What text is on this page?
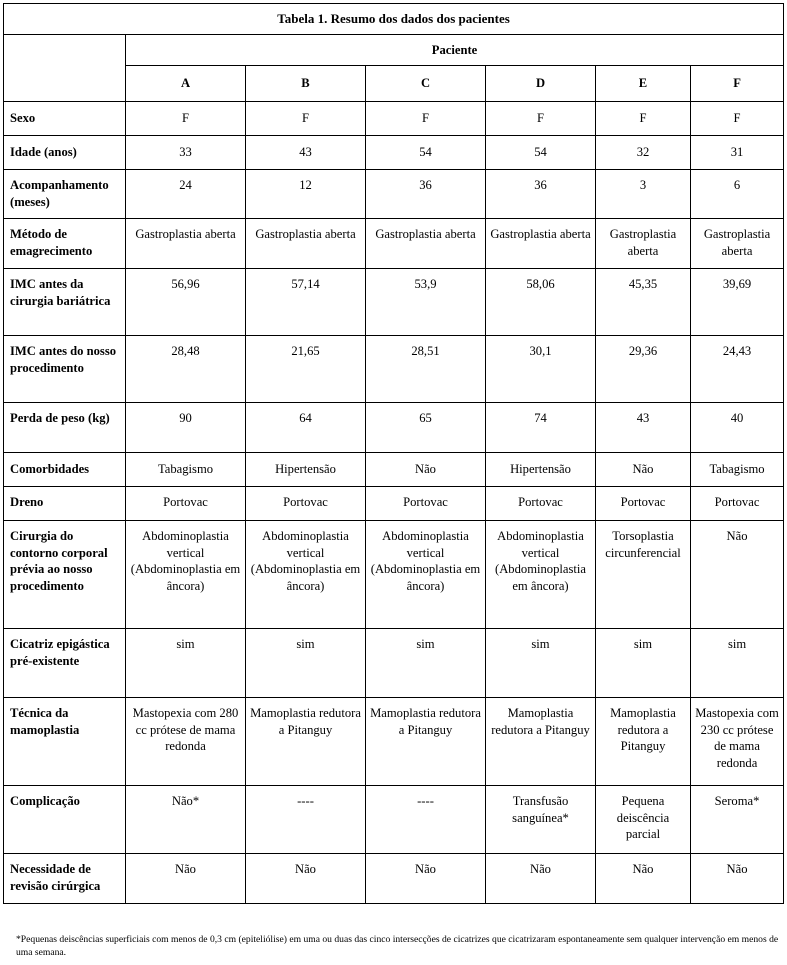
Tabela 1. Resumo dos dados dos pacientes						
	Paciente					
	A	B	C	D	E	F
Sexo	F	F	F	F	F	F
Idade (anos)	33	43	54	54	32	31
Acompanhamento (meses)	24	12	36	36	3	6
Método de emagrecimento	Gastroplastia aberta	Gastroplastia aberta	Gastroplastia aberta	Gastroplastia aberta	Gastroplastia aberta	Gastroplastia aberta
IMC antes da cirurgia bariátrica	56,96	57,14	53,9	58,06	45,35	39,69
IMC antes do nosso procedimento	28,48	21,65	28,51	30,1	29,36	24,43
Perda de peso (kg)	90	64	65	74	43	40
Comorbidades	Tabagismo	Hipertensão	Não	Hipertensão	Não	Tabagismo
Dreno	Portovac	Portovac	Portovac	Portovac	Portovac	Portovac
Cirurgia do contorno corporal prévia ao nosso procedimento	Abdominoplastia vertical (Abdominoplastia em âncora)	Abdominoplastia vertical (Abdominoplastia em âncora)	Abdominoplastia vertical (Abdominoplastia em âncora)	Abdominoplastia vertical (Abdominoplastia em âncora)	Torsoplastia circunferencial	Não
Cicatriz epigástica pré-existente	sim	sim	sim	sim	sim	sim
Técnica da mamoplastia	Mastopexia com 280 cc prótese de mama redonda	Mamoplastia redutora a Pitanguy	Mamoplastia redutora a Pitanguy	Mamoplastia redutora a Pitanguy	Mamoplastia redutora a Pitanguy	Mastopexia com 230 cc prótese de mama redonda
Complicação	Não*	----	----	Transfusão sanguínea*	Pequena deiscência parcial	Seroma*
Necessidade de revisão cirúrgica	Não	Não	Não	Não	Não	Não
*Pequenas deiscências superficiais com menos de 0,3 cm (epiteliólise) em uma ou duas das cinco intersecções de cicatrizes que cicatrizaram espontaneamente sem qualquer intervenção em menos de uma semana.
